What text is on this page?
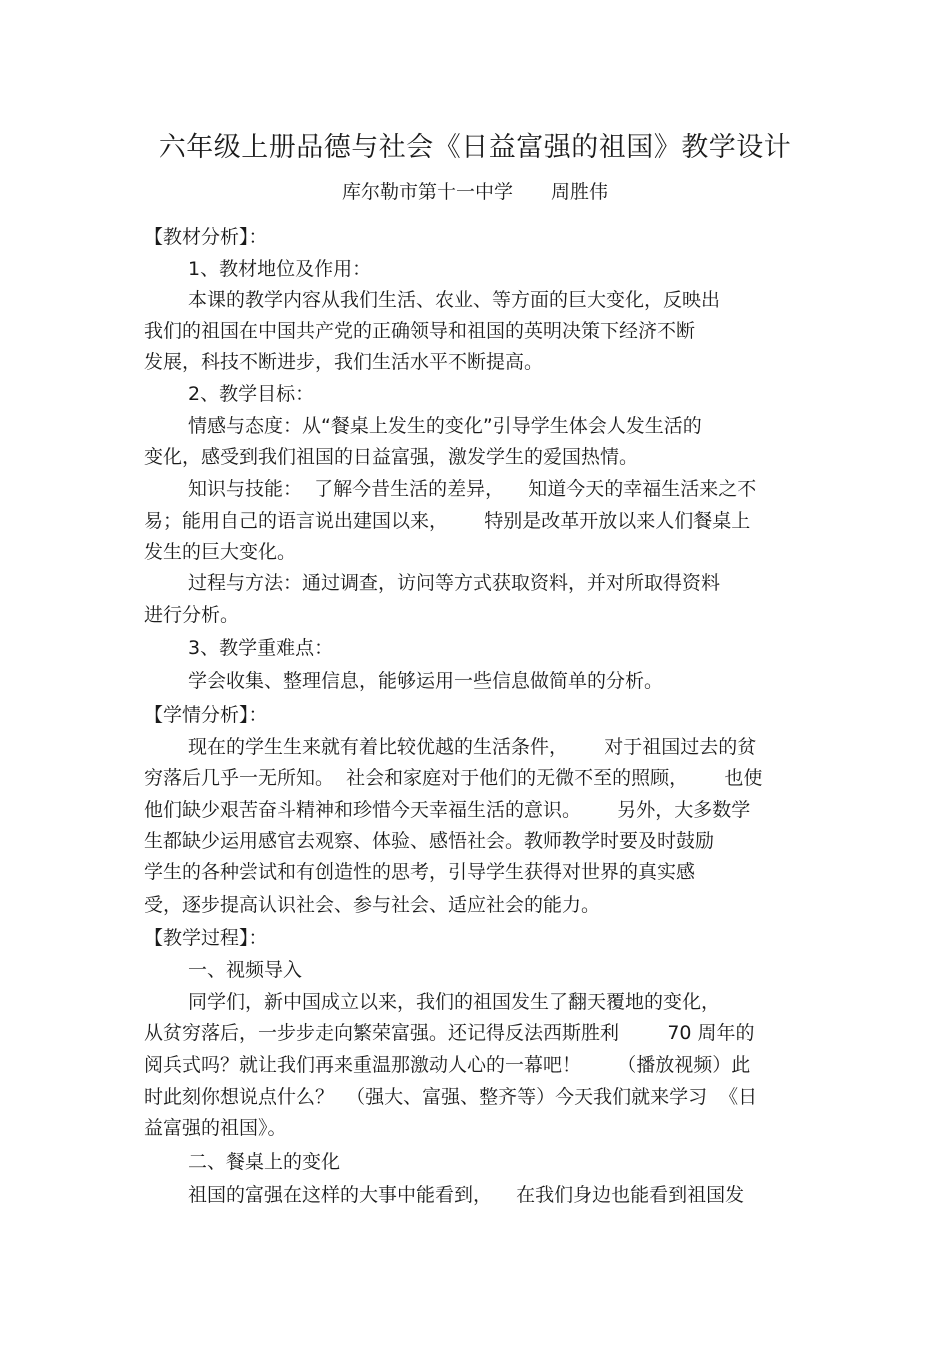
六年级上册品德与社会《日益富强的祖国》教学设计
库尔勒市第十一中学 周胜伟
【教材分析】：
1、教材地位及作用：
本课的教学内容从我们生活、农业、等方面的巨大变化，反映出
我们的祖国在中国共产党的正确领导和祖国的英明决策下经济不断
发展，科技不断进步，我们生活水平不断提高。
2、教学目标：
情感与态度：从“餐桌上发生的变化”引导学生体会人发生活的
变化，感受到我们祖国的日益富强，激发学生的爱国热情。
知识与技能：  了解今昔生活的差异，    知道今天的幸福生活来之不
易；能用自己的语言说出建国以来，      特别是改革开放以来人们餐桌上
发生的巨大变化。
过程与方法：通过调查，访问等方式获取资料，并对所取得资料
进行分析。
3、教学重难点：
学会收集、整理信息，能够运用一些信息做简单的分析。
【学情分析】：
现在的学生生来就有着比较优越的生活条件，      对于祖国过去的贫
穷落后几乎一无所知。  社会和家庭对于他们的无微不至的照顾，      也使
他们缺少艰苦奋斗精神和珍惜今天幸福生活的意识。      另外，大多数学
生都缺少运用感官去观察、体验、感悟社会。教师教学时要及时鼓励
学生的各种尝试和有创造性的思考，引导学生获得对世界的真实感
受，逐步提高认识社会、参与社会、适应社会的能力。
【教学过程】：
一、视频导入
同学们，新中国成立以来，我们的祖国发生了翻天覆地的变化，
从贫穷落后，一步步走向繁荣富强。还记得反法西斯胜利        70 周年的
阅兵式吗？就让我们再来重温那激动人心的一幕吧！      （播放视频）此
时此刻你想说点什么？  （强大、富强、整齐等）今天我们就来学习  《日
益富强的祖国》。
二、餐桌上的变化
祖国的富强在这样的大事中能看到，    在我们身边也能看到祖国发
